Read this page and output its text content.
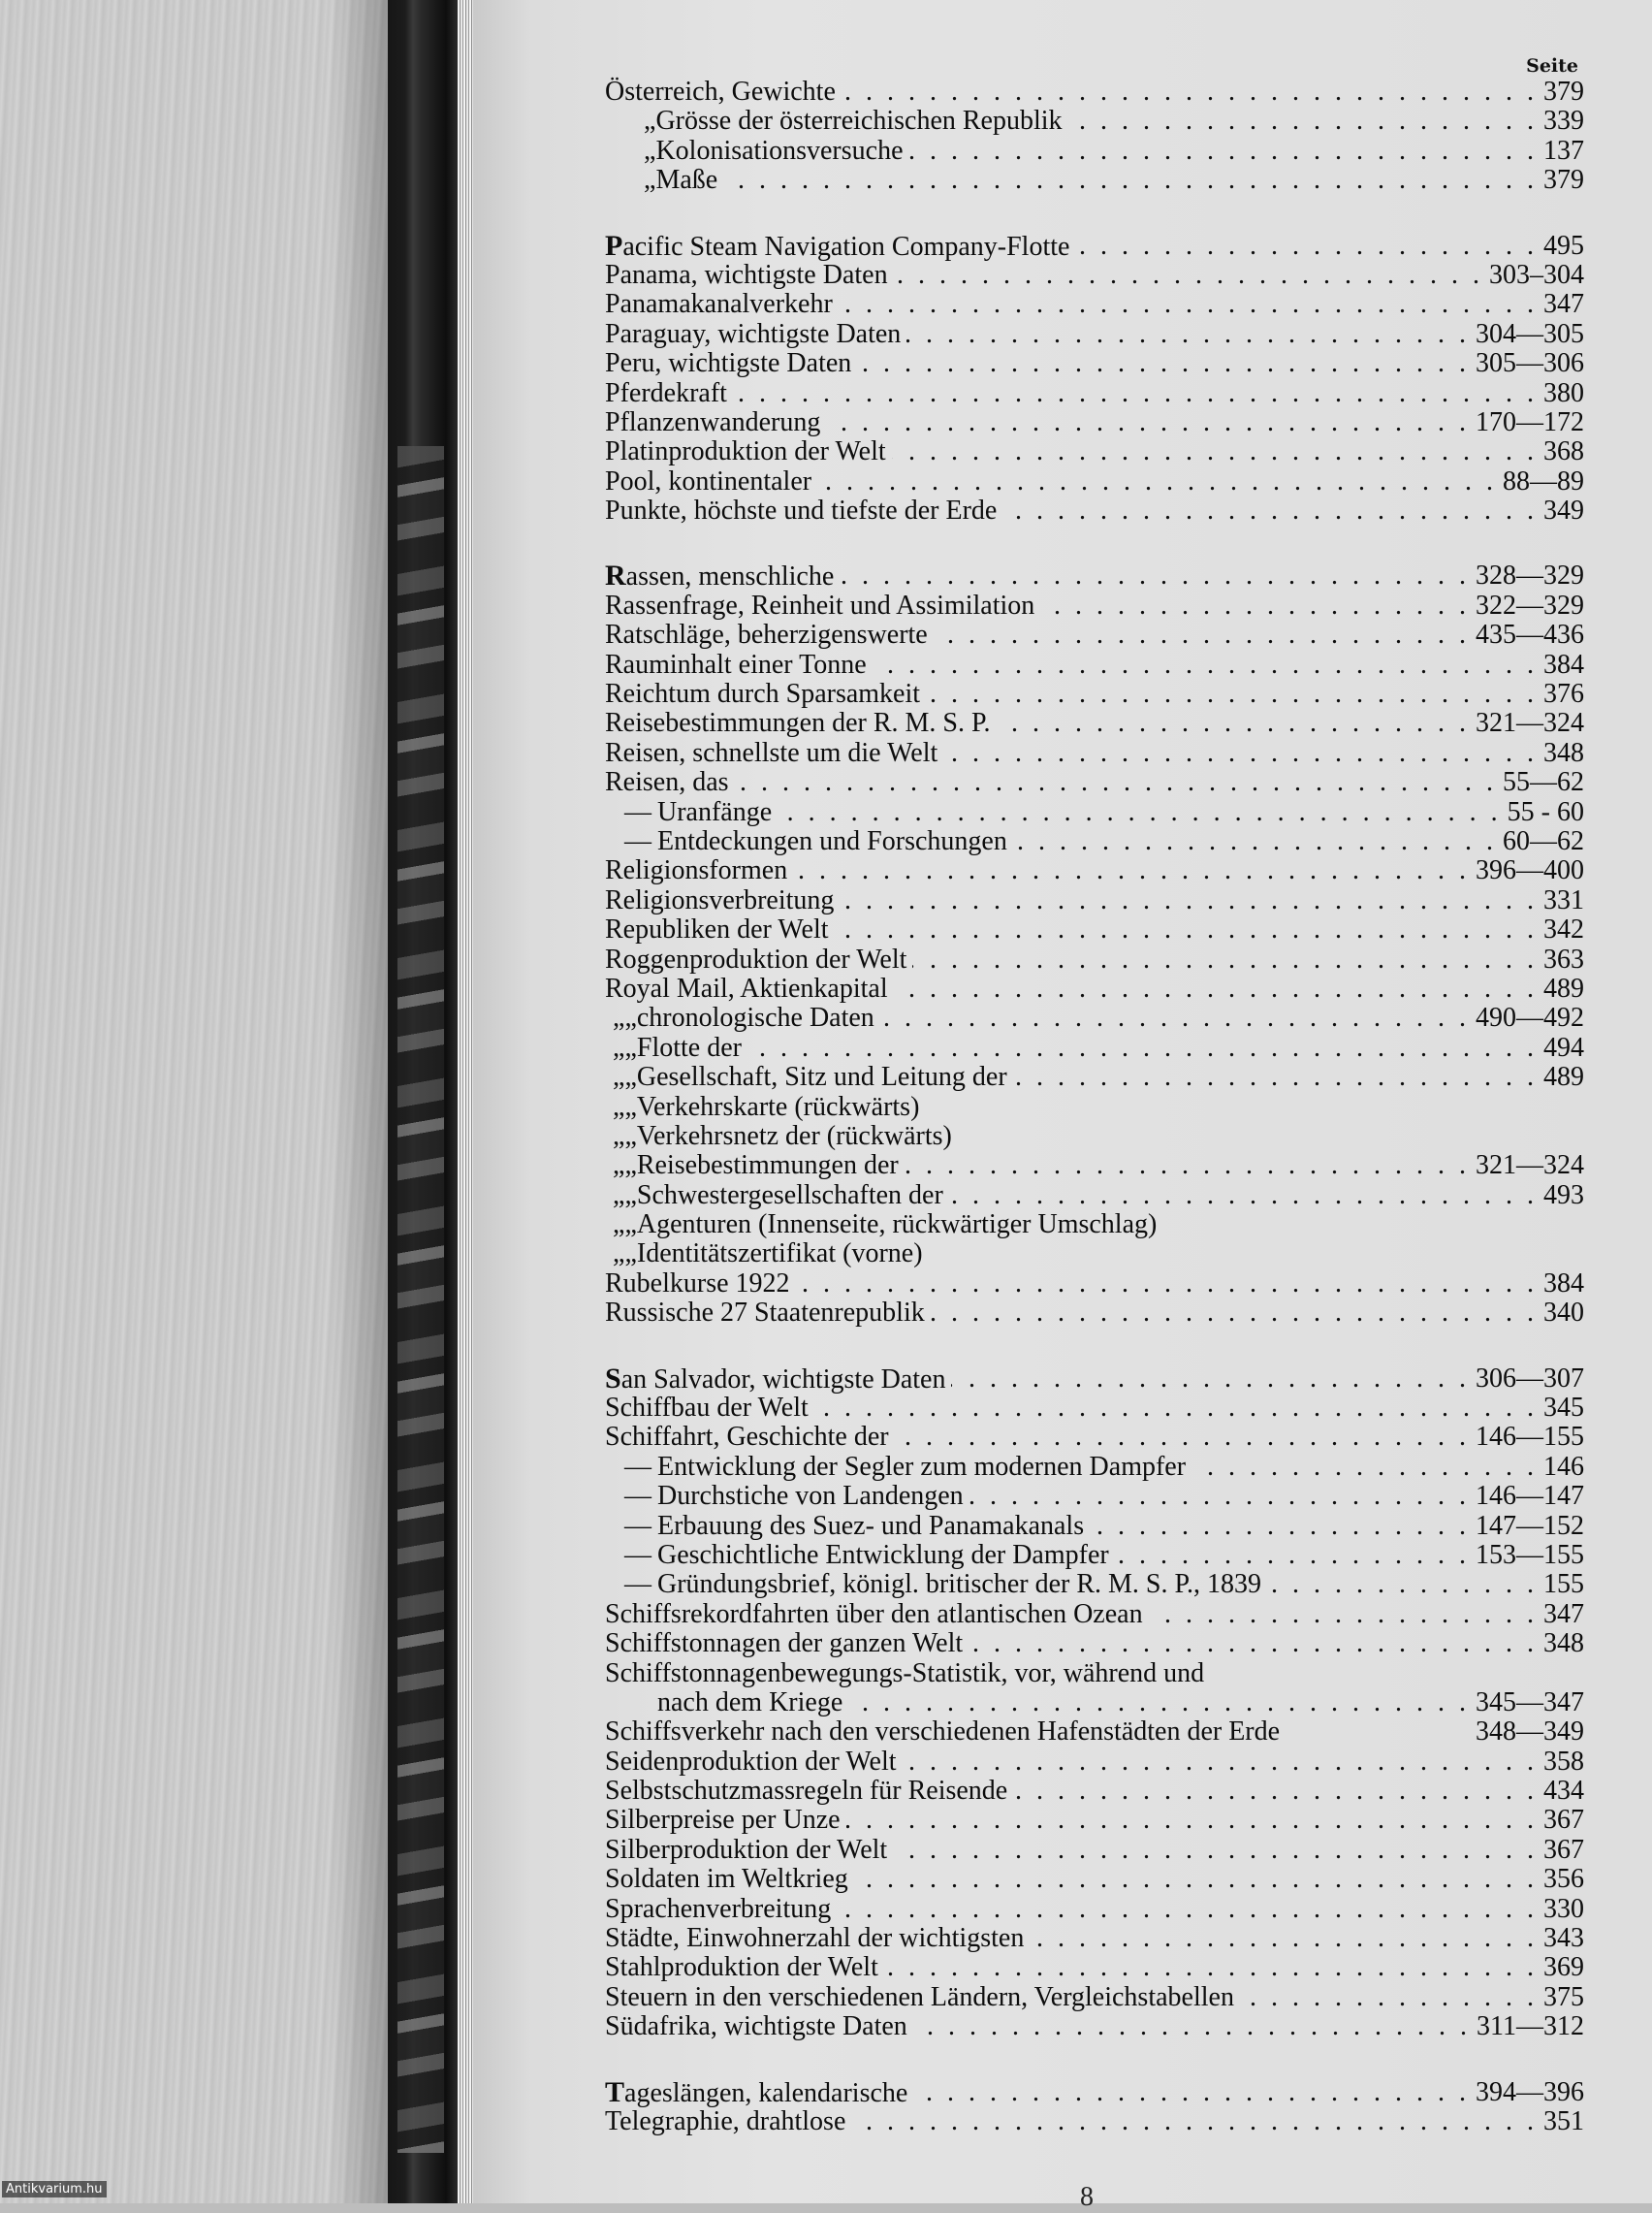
Seite
Österreich, Gewichte . . .	379
„Grösse der österreichischen Republik . . .	339
„Kolonisationsversuche . . .	137
„Maße . . .	379
Pacific Steam Navigation Company-Flotte . . .	495
Panama, wichtigste Daten . . .	303–304
Panamakanalverkehr . . .	347
Paraguay, wichtigste Daten . . .	304—305
Peru, wichtigste Daten . . .	305—306
Pferdekraft . . .	380
Pflanzenwanderung . . .	170—172
Platinproduktion der Welt . . .	368
Pool, kontinentaler . . .	88—89
Punkte, höchste und tiefste der Erde . . .	349
Rassen, menschliche . . .	328—329
Rassenfrage, Reinheit und Assimilation . . .	322—329
Ratschläge, beherzigenswerte . . .	435—436
Rauminhalt einer Tonne . . .	384
Reichtum durch Sparsamkeit . . .	376
Reisebestimmungen der R. M. S. P. . . .	321—324
Reisen, schnellste um die Welt . . .	348
Reisen, das . . .	55—62
— Uranfänge . . .	55 - 60
— Entdeckungen und Forschungen . . .	60—62
Religionsformen . . .	396—400
Religionsverbreitung . . .	331
Republiken der Welt . . .	342
Roggenproduktion der Welt . . .	363
Royal Mail, Aktienkapital . . .	489
„„chronologische Daten . . .	490—492
„„Flotte der . . .	494
„„Gesellschaft, Sitz und Leitung der . . .	489
„„Verkehrskarte (rückwärts)
„„Verkehrsnetz der (rückwärts)
„„Reisebestimmungen der . . .	321—324
„„Schwestergesellschaften der . . .	493
„„Agenturen (Innenseite, rückwärtiger Umschlag)
„„Identitätszertifikat (vorne)
Rubelkurse 1922 . . .	384
Russische 27 Staatenrepublik . . .	340
San Salvador, wichtigste Daten . . .	306—307
Schiffbau der Welt . . .	345
Schiffahrt, Geschichte der . . .	146—155
— Entwicklung der Segler zum modernen Dampfer . . .	146
— Durchstiche von Landengen . . .	146—147
— Erbauung des Suez- und Panamakanals . . .	147—152
— Geschichtliche Entwicklung der Dampfer . . .	153—155
— Gründungsbrief, königl. britischer der R. M. S. P., 1839 . . .	155
Schiffsrekordfahrten über den atlantischen Ozean . . .	347
Schiffstonnagen der ganzen Welt . . .	348
Schiffstonnagenbewegungs-Statistik, vor, während und
nach dem Kriege . . .	345—347
Schiffsverkehr nach den verschiedenen Hafenstädten der Erde	348—349
Seidenproduktion der Welt . . .	358
Selbstschutzmassregeln für Reisende . . .	434
Silberpreise per Unze . . .	367
Silberproduktion der Welt . . .	367
Soldaten im Weltkrieg . . .	356
Sprachenverbreitung . . .	330
Städte, Einwohnerzahl der wichtigsten . . .	343
Stahlproduktion der Welt . . .	369
Steuern in den verschiedenen Ländern, Vergleichstabellen . . .	375
Südafrika, wichtigste Daten . . .	311—312
Tageslängen, kalendarische . . .	394—396
Telegraphie, drahtlose . . .	351
8
Antikvarium.hu
